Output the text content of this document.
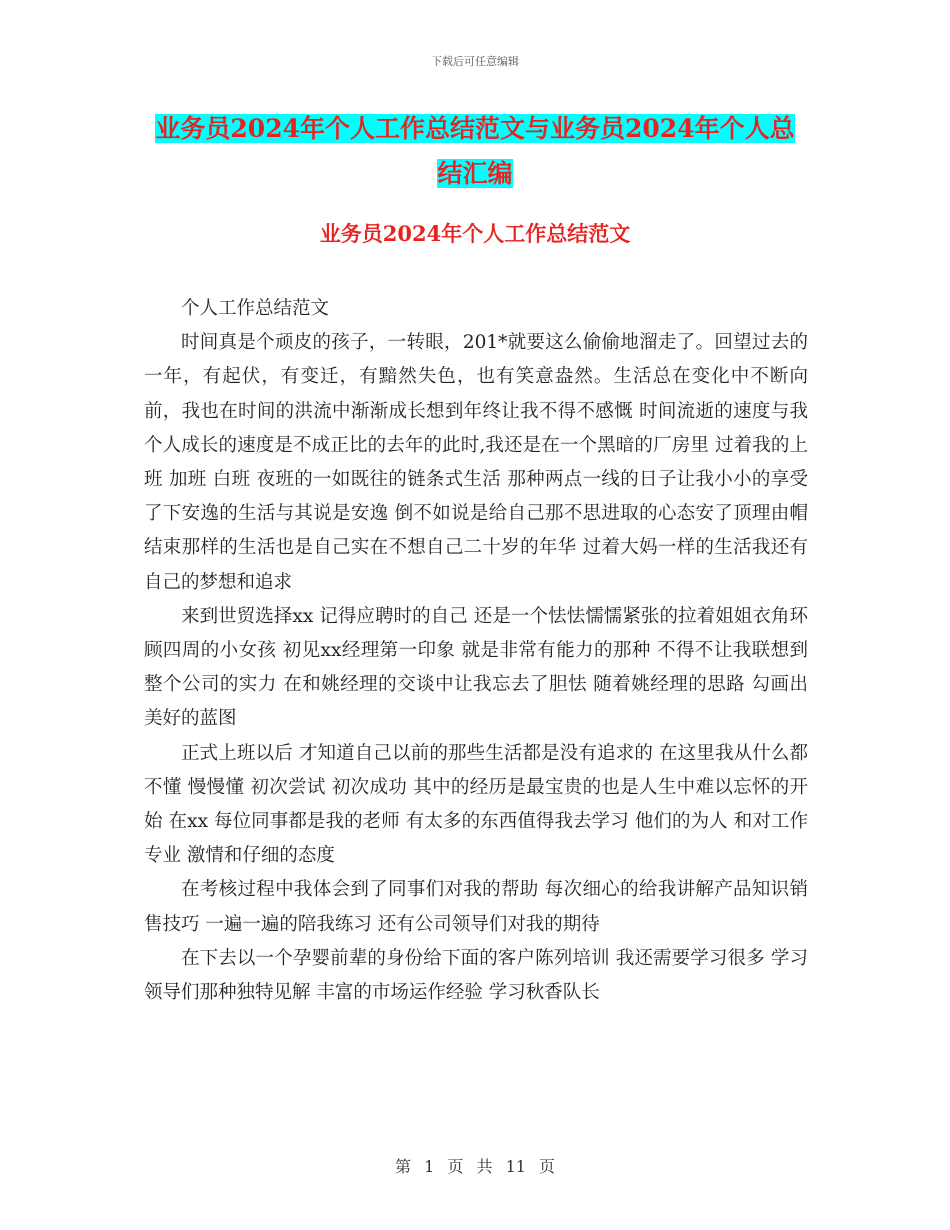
下载后可任意编辑
业务员2024年个人工作总结范文与业务员2024年个人总结汇编
业务员2024年个人工作总结范文

个人工作总结范文

时间真是个顽皮的孩子，一转眼，201*就要这么偷偷地溜走了。回望过去的一年，有起伏，有变迁，有黯然失色，也有笑意盎然。生活总在变化中不断向前，我也在时间的洪流中渐渐成长想到年终让我不得不感慨 时间流逝的速度与我个人成长的速度是不成正比的去年的此时,我还是在一个黑暗的厂房里 过着我的上班 加班 白班 夜班的一如既往的链条式生活 那种两点一线的日子让我小小的享受了下安逸的生活与其说是安逸 倒不如说是给自己那不思进取的心态安了顶理由帽结束那样的生活也是自己实在不想自己二十岁的年华 过着大妈一样的生活我还有自己的梦想和追求

来到世贸选择xx 记得应聘时的自己 还是一个怯怯懦懦紧张的拉着姐姐衣角环顾四周的小女孩 初见xx经理第一印象 就是非常有能力的那种 不得不让我联想到整个公司的实力 在和姚经理的交谈中让我忘去了胆怯 随着姚经理的思路 勾画出美好的蓝图

正式上班以后 才知道自己以前的那些生活都是没有追求的 在这里我从什么都不懂 慢慢懂 初次尝试 初次成功 其中的经历是最宝贵的也是人生中难以忘怀的开始 在xx 每位同事都是我的老师 有太多的东西值得我去学习 他们的为人 和对工作专业 激情和仔细的态度

在考核过程中我体会到了同事们对我的帮助 每次细心的给我讲解产品知识销售技巧 一遍一遍的陪我练习 还有公司领导们对我的期待

在下去以一个孕婴前辈的身份给下面的客户陈列培训 我还需要学习很多 学习领导们那种独特见解 丰富的市场运作经验 学习秋香队长

第 1 页 共 11 页
